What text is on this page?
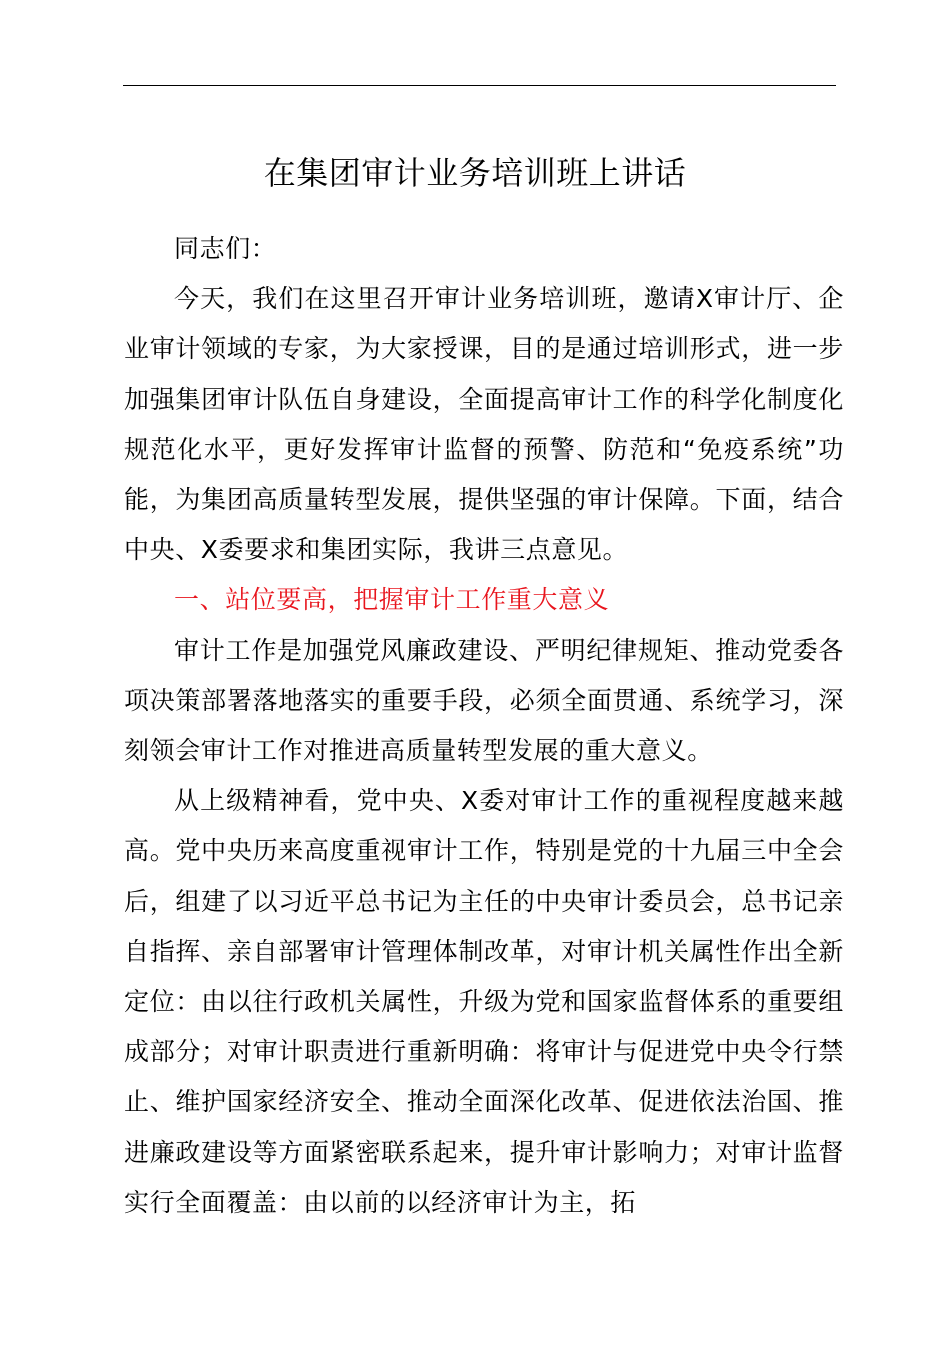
在集团审计业务培训班上讲话

同志们：

今天，我们在这里召开审计业务培训班，邀请X审计厅、企业审计领域的专家，为大家授课，目的是通过培训形式，进一步加强集团审计队伍自身建设，全面提高审计工作的科学化制度化规范化水平，更好发挥审计监督的预警、防范和“免疫系统”功能，为集团高质量转型发展，提供坚强的审计保障。下面，结合中央、X委要求和集团实际，我讲三点意见。

一、站位要高，把握审计工作重大意义

审计工作是加强党风廉政建设、严明纪律规矩、推动党委各项决策部署落地落实的重要手段，必须全面贯通、系统学习，深刻领会审计工作对推进高质量转型发展的重大意义。

从上级精神看，党中央、X委对审计工作的重视程度越来越高。党中央历来高度重视审计工作，特别是党的十九届三中全会后，组建了以习近平总书记为主任的中央审计委员会，总书记亲自指挥、亲自部署审计管理体制改革，对审计机关属性作出全新定位：由以往行政机关属性，升级为党和国家监督体系的重要组成部分；对审计职责进行重新明确：将审计与促进党中央令行禁止、维护国家经济安全、推动全面深化改革、促进依法治国、推进廉政建设等方面紧密联系起来，提升审计影响力；对审计监督实行全面覆盖：由以前的以经济审计为主，拓
